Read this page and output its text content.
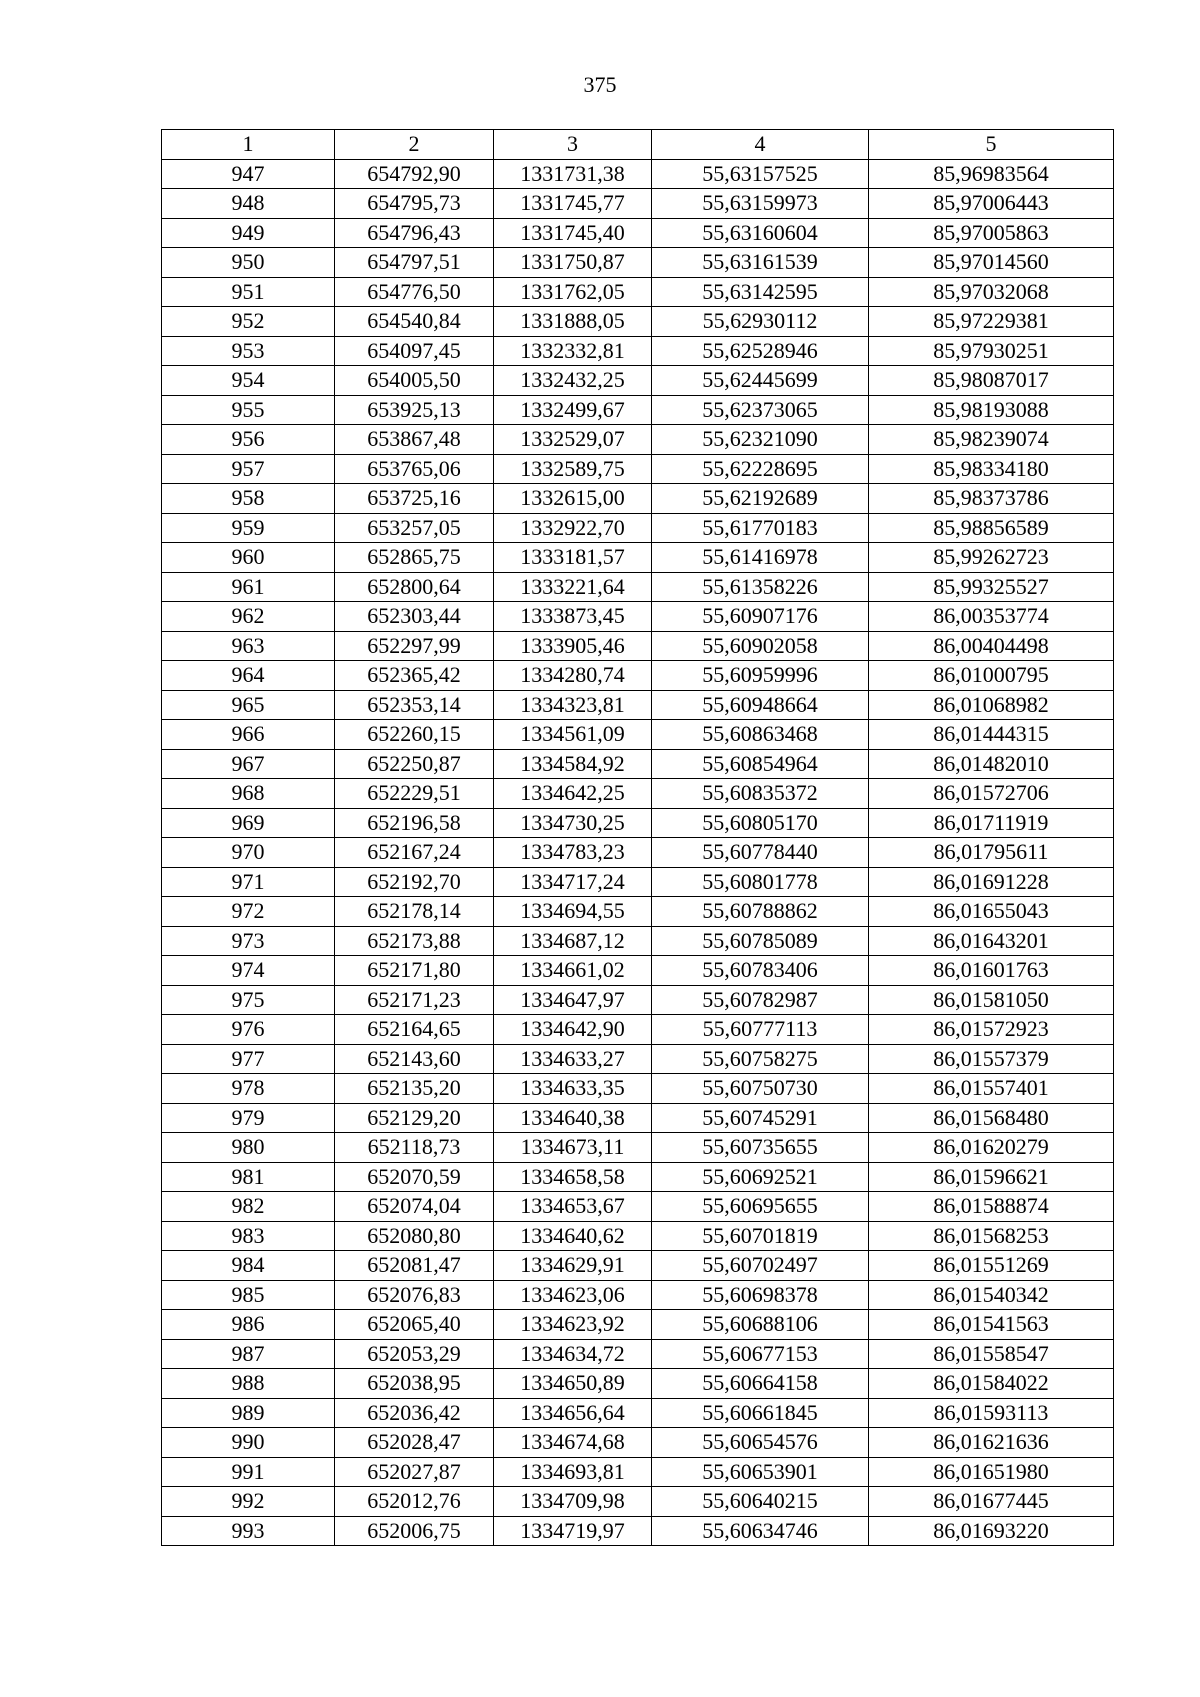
375
1	2	3	4	5
947	654792,90	1331731,38	55,63157525	85,96983564
948	654795,73	1331745,77	55,63159973	85,97006443
949	654796,43	1331745,40	55,63160604	85,97005863
950	654797,51	1331750,87	55,63161539	85,97014560
951	654776,50	1331762,05	55,63142595	85,97032068
952	654540,84	1331888,05	55,62930112	85,97229381
953	654097,45	1332332,81	55,62528946	85,97930251
954	654005,50	1332432,25	55,62445699	85,98087017
955	653925,13	1332499,67	55,62373065	85,98193088
956	653867,48	1332529,07	55,62321090	85,98239074
957	653765,06	1332589,75	55,62228695	85,98334180
958	653725,16	1332615,00	55,62192689	85,98373786
959	653257,05	1332922,70	55,61770183	85,98856589
960	652865,75	1333181,57	55,61416978	85,99262723
961	652800,64	1333221,64	55,61358226	85,99325527
962	652303,44	1333873,45	55,60907176	86,00353774
963	652297,99	1333905,46	55,60902058	86,00404498
964	652365,42	1334280,74	55,60959996	86,01000795
965	652353,14	1334323,81	55,60948664	86,01068982
966	652260,15	1334561,09	55,60863468	86,01444315
967	652250,87	1334584,92	55,60854964	86,01482010
968	652229,51	1334642,25	55,60835372	86,01572706
969	652196,58	1334730,25	55,60805170	86,01711919
970	652167,24	1334783,23	55,60778440	86,01795611
971	652192,70	1334717,24	55,60801778	86,01691228
972	652178,14	1334694,55	55,60788862	86,01655043
973	652173,88	1334687,12	55,60785089	86,01643201
974	652171,80	1334661,02	55,60783406	86,01601763
975	652171,23	1334647,97	55,60782987	86,01581050
976	652164,65	1334642,90	55,60777113	86,01572923
977	652143,60	1334633,27	55,60758275	86,01557379
978	652135,20	1334633,35	55,60750730	86,01557401
979	652129,20	1334640,38	55,60745291	86,01568480
980	652118,73	1334673,11	55,60735655	86,01620279
981	652070,59	1334658,58	55,60692521	86,01596621
982	652074,04	1334653,67	55,60695655	86,01588874
983	652080,80	1334640,62	55,60701819	86,01568253
984	652081,47	1334629,91	55,60702497	86,01551269
985	652076,83	1334623,06	55,60698378	86,01540342
986	652065,40	1334623,92	55,60688106	86,01541563
987	652053,29	1334634,72	55,60677153	86,01558547
988	652038,95	1334650,89	55,60664158	86,01584022
989	652036,42	1334656,64	55,60661845	86,01593113
990	652028,47	1334674,68	55,60654576	86,01621636
991	652027,87	1334693,81	55,60653901	86,01651980
992	652012,76	1334709,98	55,60640215	86,01677445
993	652006,75	1334719,97	55,60634746	86,01693220
